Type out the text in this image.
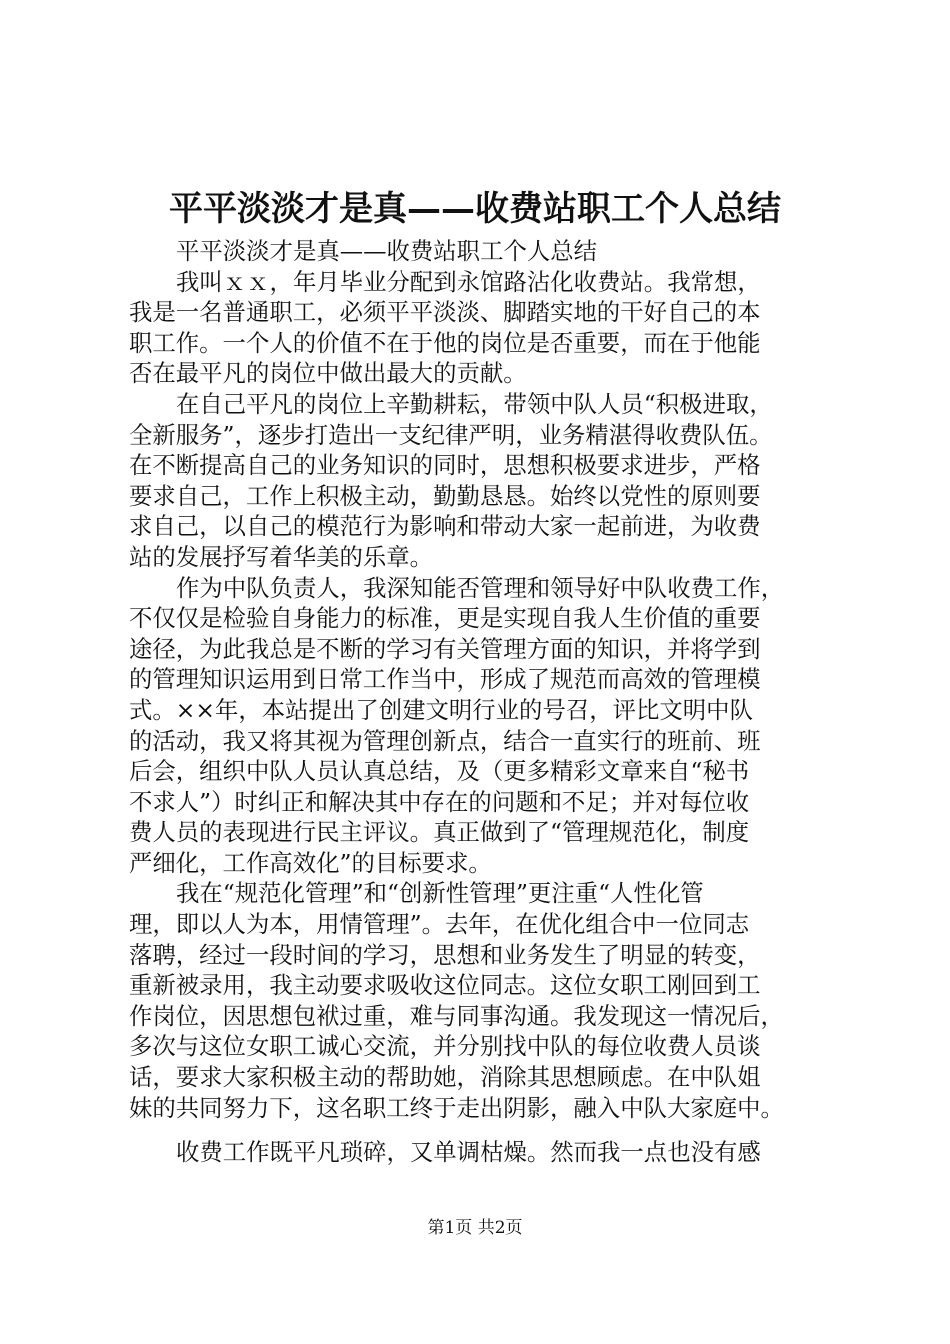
平平淡淡才是真——收费站职工个人总结
平平淡淡才是真——收费站职工个人总结
我叫ｘｘ，年月毕业分配到永馆路沾化收费站。我常想，
我是一名普通职工，必须平平淡淡、脚踏实地的干好自己的本
职工作。一个人的价值不在于他的岗位是否重要，而在于他能
否在最平凡的岗位中做出最大的贡献。
在自己平凡的岗位上辛勤耕耘，带领中队人员“积极进取，
全新服务”，逐步打造出一支纪律严明，业务精湛得收费队伍。
在不断提高自己的业务知识的同时，思想积极要求进步，严格
要求自己，工作上积极主动，勤勤恳恳。始终以党性的原则要
求自己，以自己的模范行为影响和带动大家一起前进，为收费
站的发展抒写着华美的乐章。
作为中队负责人，我深知能否管理和领导好中队收费工作，
不仅仅是检验自身能力的标准，更是实现自我人生价值的重要
途径，为此我总是不断的学习有关管理方面的知识，并将学到
的管理知识运用到日常工作当中，形成了规范而高效的管理模
式。××年，本站提出了创建文明行业的号召，评比文明中队
的活动，我又将其视为管理创新点，结合一直实行的班前、班
后会，组织中队人员认真总结，及（更多精彩文章来自“秘书
不求人”）时纠正和解决其中存在的问题和不足；并对每位收
费人员的表现进行民主评议。真正做到了“管理规范化，制度
严细化，工作高效化”的目标要求。
我在“规范化管理”和“创新性管理”更注重“人性化管
理，即以人为本，用情管理”。去年，在优化组合中一位同志
落聘，经过一段时间的学习，思想和业务发生了明显的转变，
重新被录用，我主动要求吸收这位同志。这位女职工刚回到工
作岗位，因思想包袱过重，难与同事沟通。我发现这一情况后，
多次与这位女职工诚心交流，并分别找中队的每位收费人员谈
话，要求大家积极主动的帮助她，消除其思想顾虑。在中队姐
妹的共同努力下，这名职工终于走出阴影，融入中队大家庭中。
收费工作既平凡琐碎，又单调枯燥。然而我一点也没有感
第1页 共2页
